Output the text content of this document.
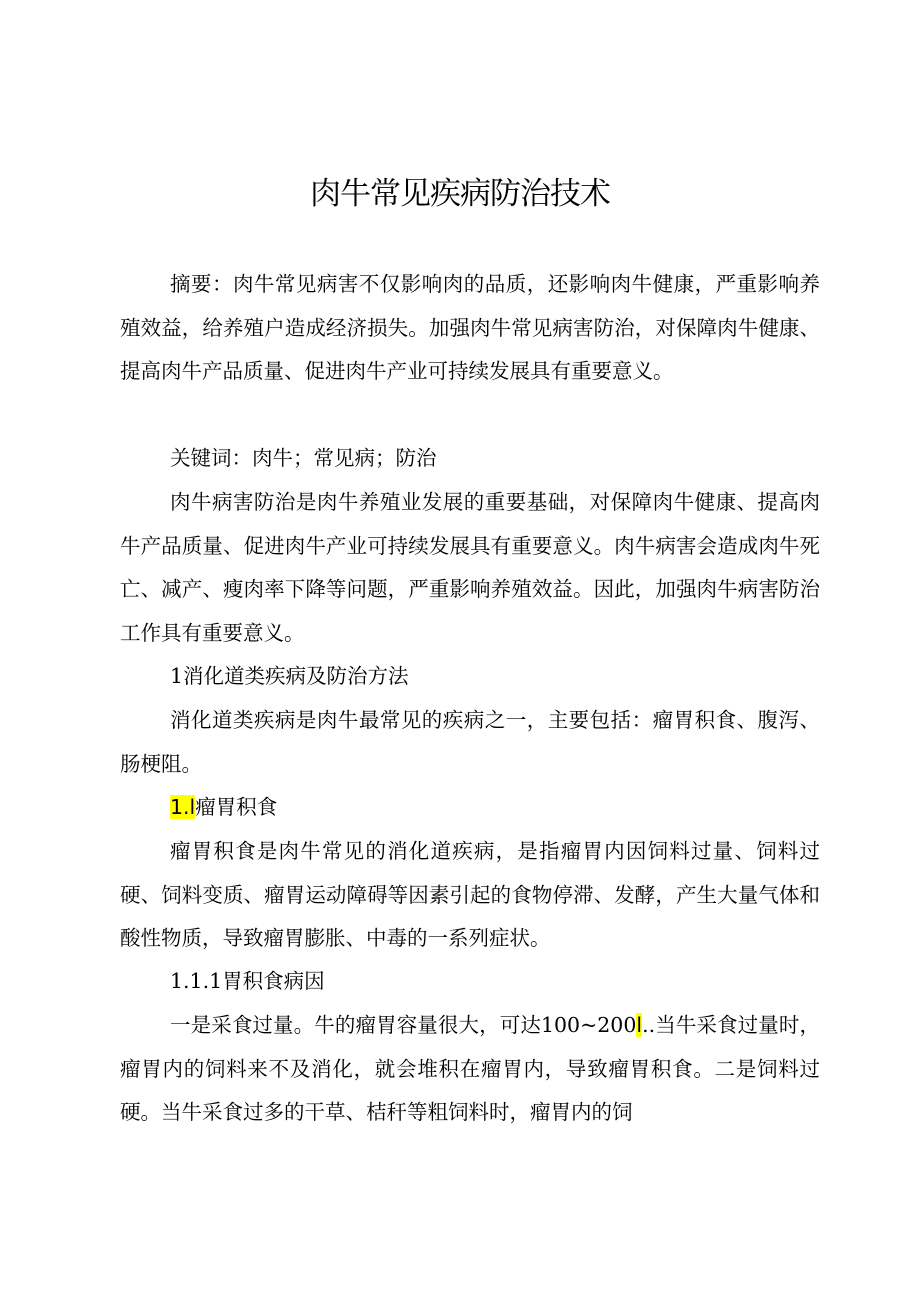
肉牛常见疾病防治技术

摘要：肉牛常见病害不仅影响肉的品质，还影响肉牛健康，严重影响养殖效益，给养殖户造成经济损失。加强肉牛常见病害防治，对保障肉牛健康、提高肉牛产品质量、促进肉牛产业可持续发展具有重要意义。

关键词：肉牛；常见病；防治

肉牛病害防治是肉牛养殖业发展的重要基础，对保障肉牛健康、提高肉牛产品质量、促进肉牛产业可持续发展具有重要意义。肉牛病害会造成肉牛死亡、减产、瘦肉率下降等问题，严重影响养殖效益。因此，加强肉牛病害防治工作具有重要意义。

1消化道类疾病及防治方法

消化道类疾病是肉牛最常见的疾病之一，主要包括：瘤胃积食、腹泻、肠梗阻。

1.l瘤胃积食

瘤胃积食是肉牛常见的消化道疾病，是指瘤胃内因饲料过量、饲料过硬、饲料变质、瘤胃运动障碍等因素引起的食物停滞、发酵，产生大量气体和酸性物质，导致瘤胃膨胀、中毒的一系列症状。

1.1.1胃积食病因

一是采食过量。牛的瘤胃容量很大，可达100~200l..当牛采食过量时，瘤胃内的饲料来不及消化，就会堆积在瘤胃内，导致瘤胃积食。二是饲料过硬。当牛采食过多的干草、桔秆等粗饲料时，瘤胃内的饲
